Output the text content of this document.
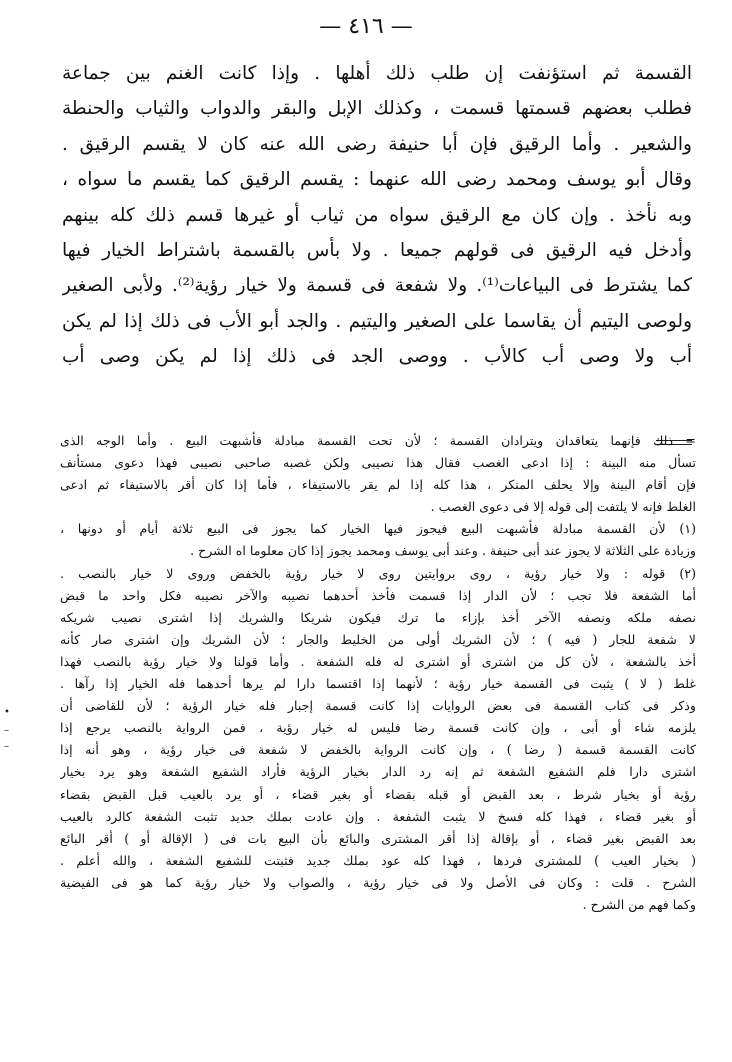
— ٤١٦ —
القسمة ثم استؤنفت إن طلب ذلك أهلها . وإذا كانت الغنم بين جماعة
فطلب بعضهم قسمتها قسمت ، وكذلك الإبل والبقر والدواب والثياب والحنطة
والشعير . وأما الرقيق فإن أبا حنيفة رضى الله عنه كان لا يقسم الرقيق .
وقال أبو يوسف ومحمد رضى الله عنهما : يقسم الرقيق كما يقسم ما سواه ،
وبه نأخذ . وإن كان مع الرقيق سواه من ثياب أو غيرها قسم ذلك كله بينهم
وأدخل فيه الرقيق فى قولهم جميعا . ولا بأس بالقسمة باشتراط الخيار فيها
كما يشترط فى البياعات⁽¹⁾. ولا شفعة فى قسمة ولا خيار رؤية⁽²⁾. ولأبى الصغير
ولوصى اليتيم أن يقاسما على الصغير واليتيم . والجد أبو الأب فى ذلك إذا لم يكن
أب ولا وصى أب كالأب . ووصى الجد فى ذلك إذا لم يكن وصى أب
= ذلك فإنهما يتعاقدان ويترادان القسمة ؛ لأن تحت القسمة مبادلة فأشبهت البيع . وأما الوجه الذى
تسأل منه البينة : إذا ادعى الغصب فقال هذا نصيبى ولكن غصبه صاحبى نصيبى فهذا دعوى مستأنف
فإن أقام البينة وإلا يحلف المنكر ، هذا كله إذا لم يقر بالاستيفاء ، فأما إذا كان أقر بالاستيفاء ثم ادعى
الغلط فإنه لا يلتفت إلى قوله إلا فى دعوى الغصب .
(١) لأن القسمة مبادلة فأشبهت البيع فيجوز فيها الخيار كما يجوز فى البيع ثلاثة أيام أو دونها ،
وزيادة على الثلاثة لا يجوز عند أبى حنيفة . وعند أبى يوسف ومحمد يجوز إذا كان معلوما اه الشرح .
(٢) قوله : ولا خيار رؤية ، روى بروايتين روى لا خيار رؤية بالخفض وروى لا خيار بالنصب .
أما الشفعة فلا تجب ؛ لأن الدار إذا قسمت فأخذ أحدهما نصيبه والآخر نصيبه فكل واحد ما قبض
نصفه ملكه ونصفه الآخر أخذ بإزاء ما ترك فيكون شريكا والشريك إذا اشترى نصيب شريكه
لا شفعة للجار ( فيه ) ؛ لأن الشريك أولى من الخليط والجار ؛ لأن الشريك وإن اشترى صار كأنه
أخذ بالشفعة ، لأن كل من اشترى أو اشترى له فله الشفعة . وأما قولنا ولا خيار رؤية بالنصب فهذا
غلط ( لا ) يثبت فى القسمة خيار رؤية ؛ لأنهما إذا اقتسما دارا لم يرها أحدهما فله الخيار إذا رآها .
وذكر فى كتاب القسمة فى بعض الروايات إذا كانت قسمة إجبار فله خيار الرؤية ؛ لأن للقاضى أن
يلزمه شاء أو أبى ، وإن كانت قسمة رضا فليس له خيار رؤية ، فمن الرواية بالنصب يرجع إذا
كانت القسمة قسمة ( رضا ) ، وإن كانت الرواية بالخفض لا شفعة فى خيار رؤية ، وهو أنه إذا
اشترى دارا فلم الشفيع الشفعة ثم إنه رد الدار بخيار الرؤية فأراد الشفيع الشفعة وهو يرد بخيار
رؤية أو بخيار شرط ، بعد القبض أو قبله بقضاء أو بغير قضاء ، أو يرد بالعيب قبل القبض بقضاء
أو بغير قضاء ، فهذا كله فسخ لا يثبت الشفعة . وإن عادت بملك جديد تثبت الشفعة كالرد بالعيب
بعد القبض بغير قضاء ، أو بإقالة إذا أقر المشترى والبائع بأن البيع بات فى ( الإقالة أو ) أقر البائع
( بخيار العيب ) للمشترى فردها ، فهذا كله عود بملك جديد فثبتت للشفيع الشفعة ، والله أعلم .
الشرح . قلت : وكان فى الأصل ولا فى خيار رؤية ، والصواب ولا خيار رؤية كما هو فى الفيضية
وكما فهم من الشرح .
•
–
–
